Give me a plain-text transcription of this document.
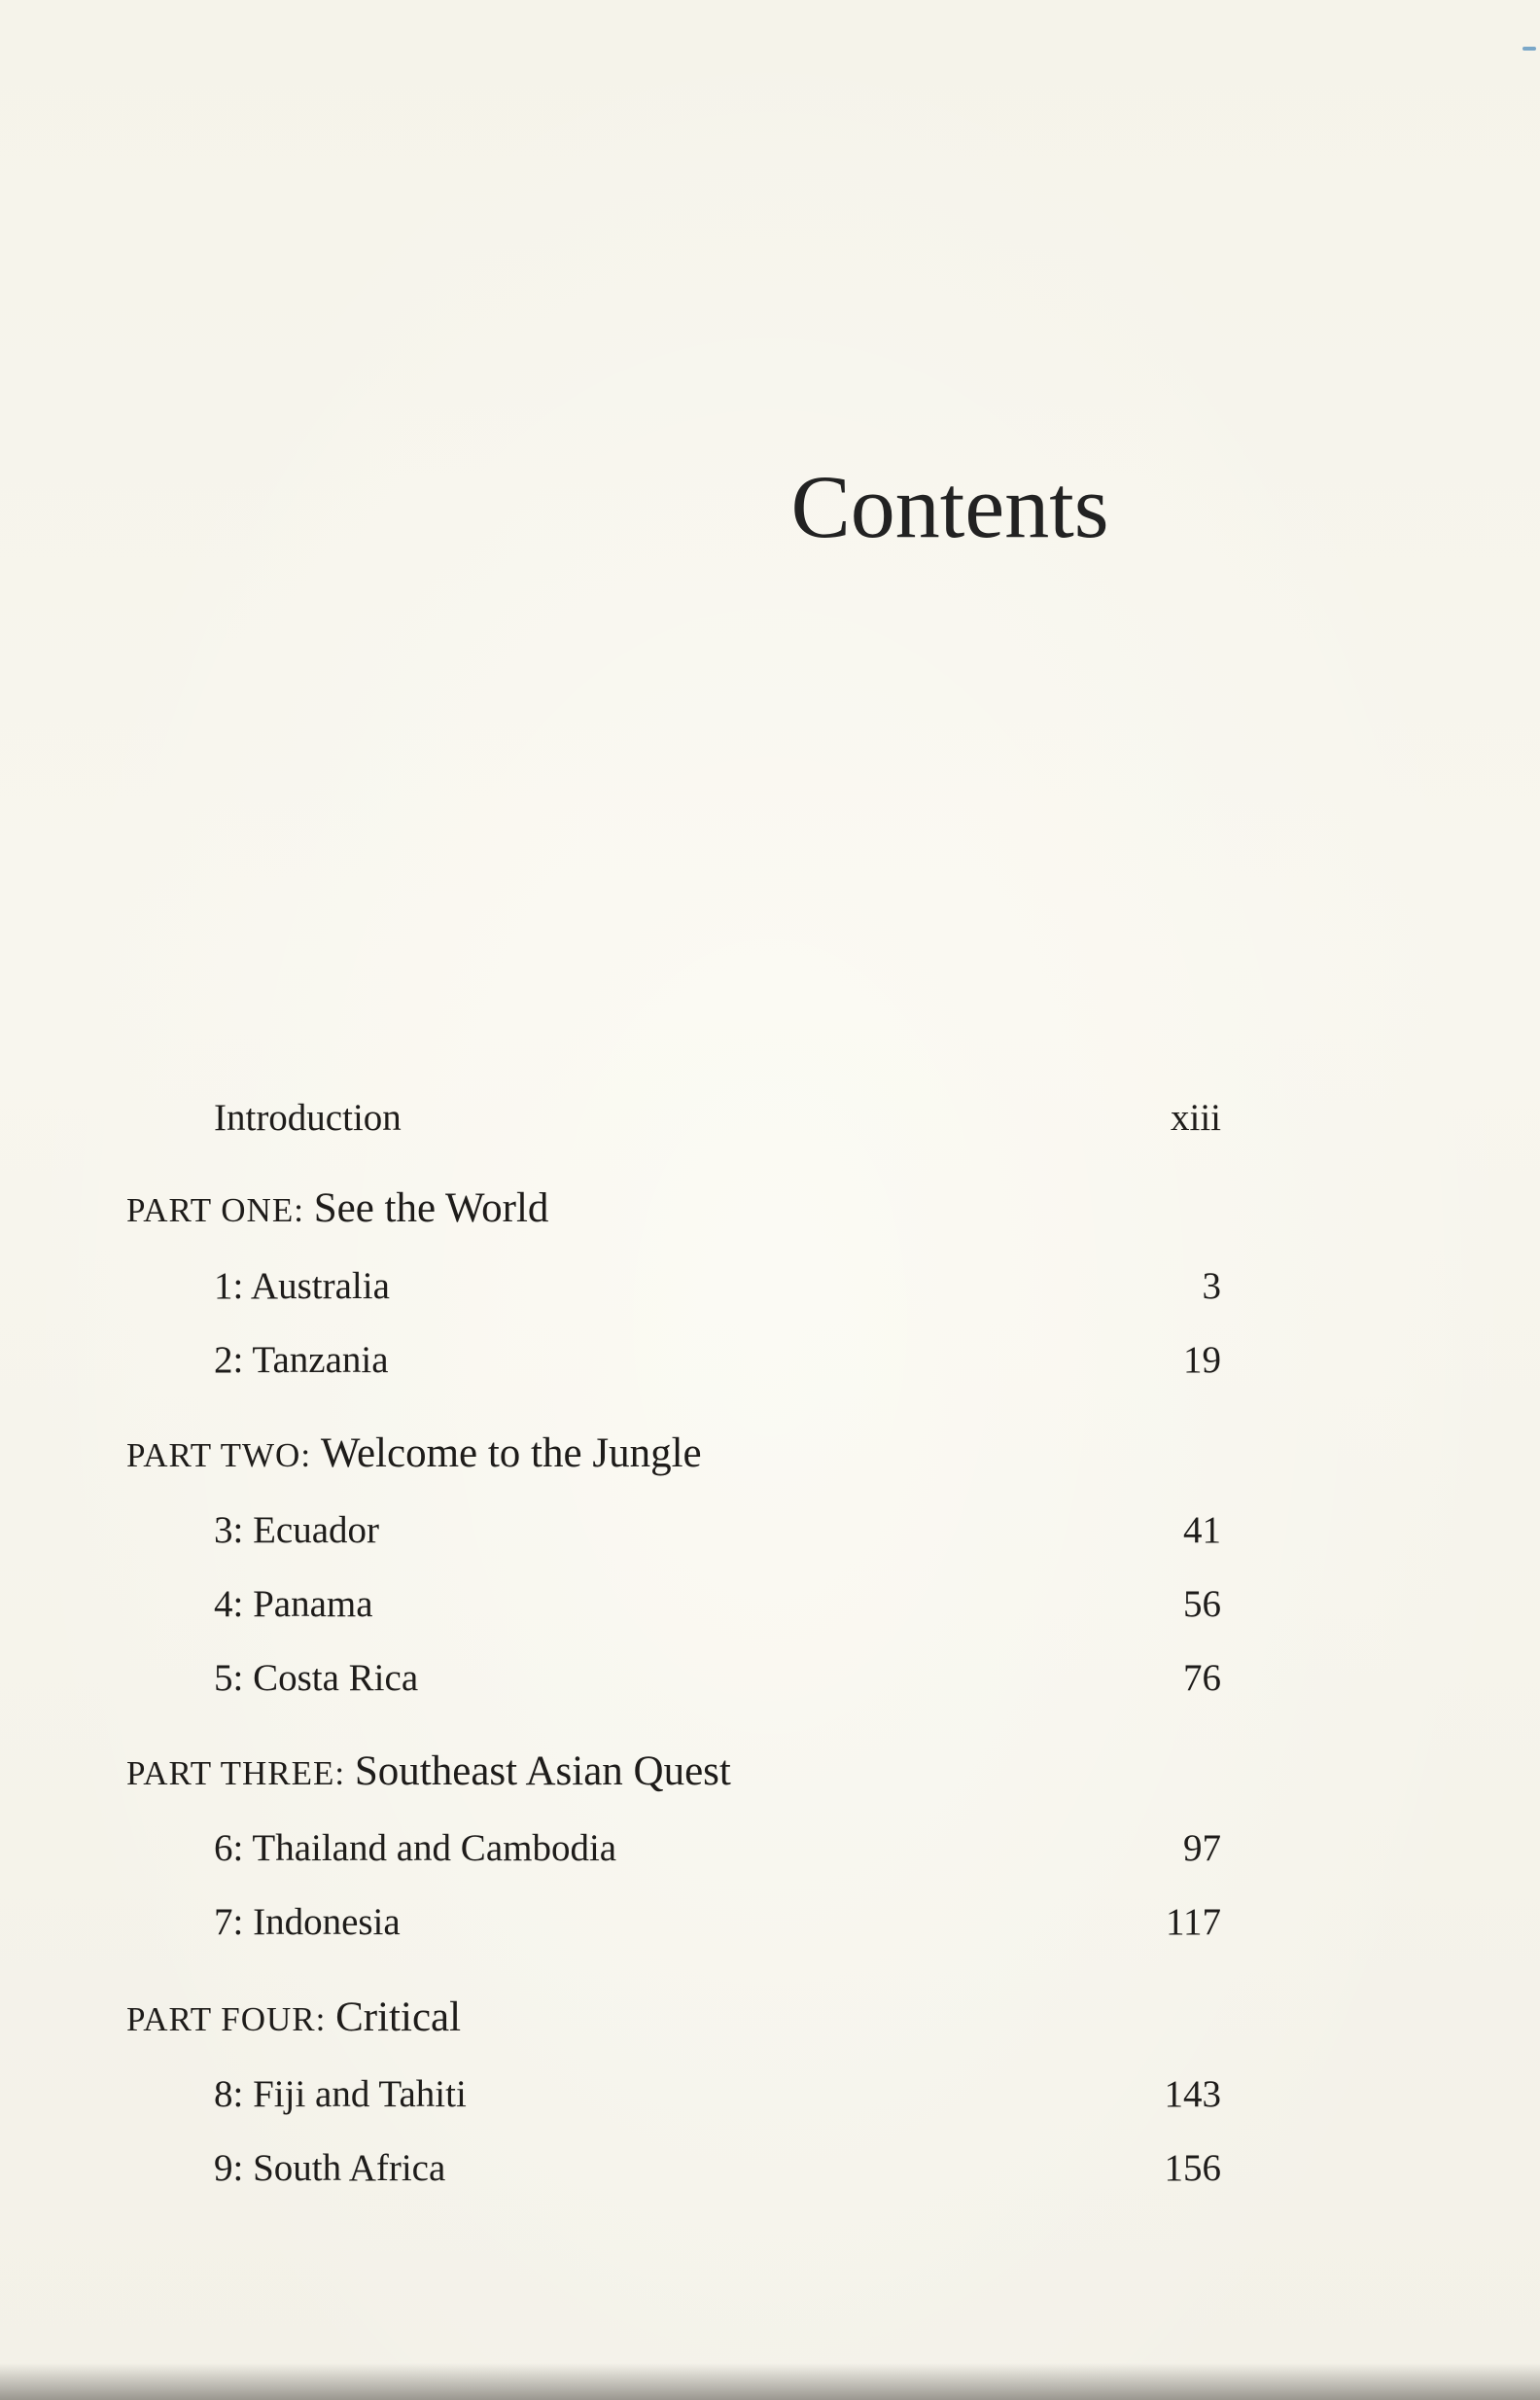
Contents
Introduction	xiii
PART ONE: See the World
1: Australia	3
2: Tanzania	19
PART TWO: Welcome to the Jungle
3: Ecuador	41
4: Panama	56
5: Costa Rica	76
PART THREE: Southeast Asian Quest
6: Thailand and Cambodia	97
7: Indonesia	117
PART FOUR: Critical
8: Fiji and Tahiti	143
9: South Africa	156
